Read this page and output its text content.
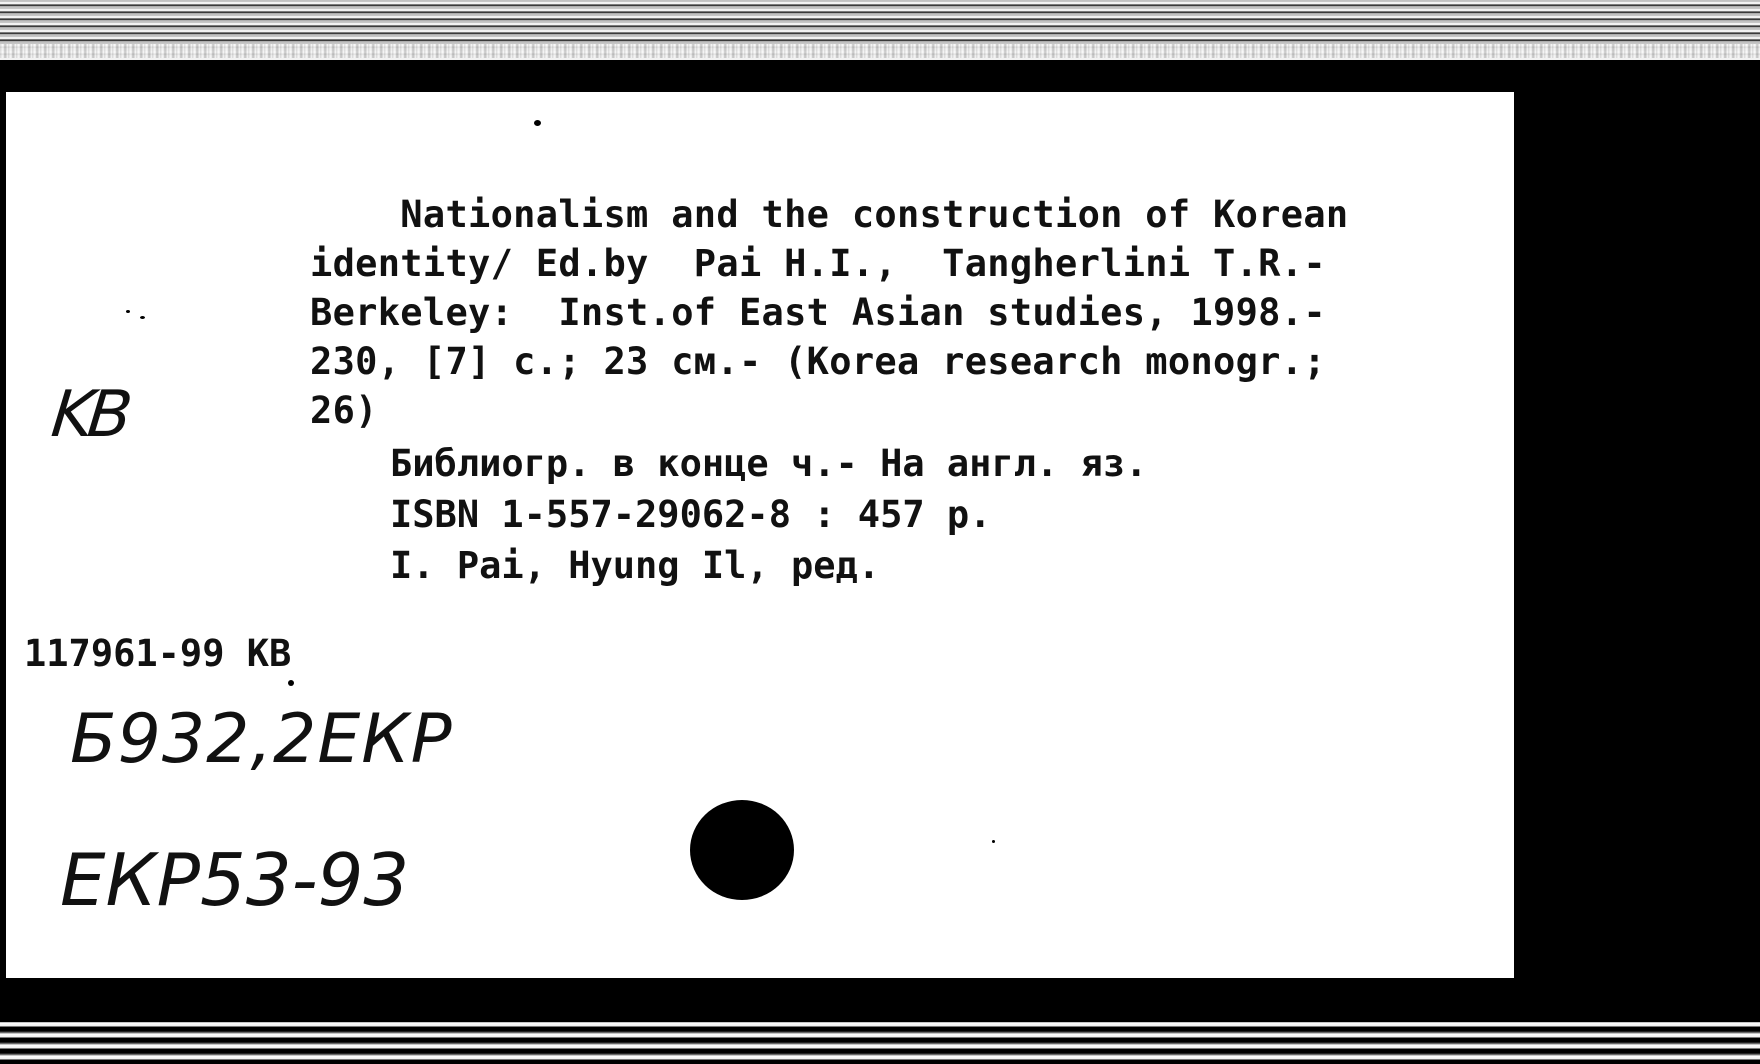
Nationalism and the construction of Korean
identity/ Ed.by  Pai H.I.,  Tangherlini T.R.-
Berkeley:  Inst.of East Asian studies, 1998.-
230, [7] с.; 23 см.- (Korea research monogr.;
26)
Библиогр. в конце ч.- На англ. яз.
ISBN 1-557-29062-8 : 457 р.
I. Pai, Hyung Il, ред.
117961-99 KB
KB
Б932,2ЕКР
ЕКР53-93
